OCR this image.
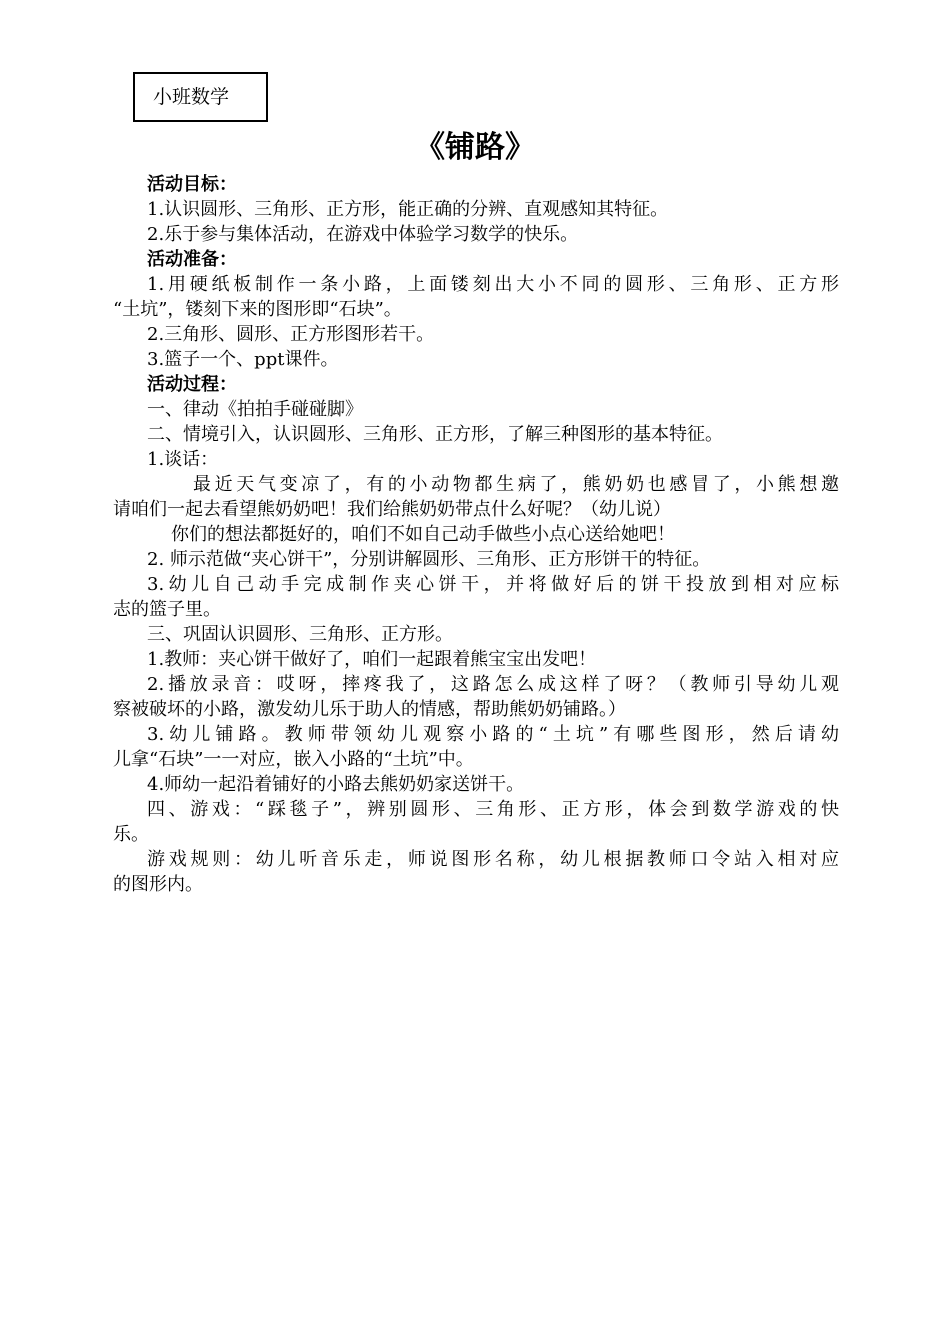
小班数学
《铺路》
活动目标：
1.认识圆形、三角形、正方形，能正确的分辨、直观感知其特征。
2.乐于参与集体活动，在游戏中体验学习数学的快乐。
活动准备：
1.用硬纸板制作一条小路，上面镂刻出大小不同的圆形、三角形、正方形
“土坑”，镂刻下来的图形即“石块”。
2.三角形、圆形、正方形图形若干。
3.篮子一个、ppt课件。
活动过程：
一、律动《拍拍手碰碰脚》
二、情境引入，认识圆形、三角形、正方形，了解三种图形的基本特征。
1.谈话：
最近天气变凉了，有的小动物都生病了，熊奶奶也感冒了，小熊想邀
请咱们一起去看望熊奶奶吧！我们给熊奶奶带点什么好呢？（幼儿说）
你们的想法都挺好的，咱们不如自己动手做些小点心送给她吧！
2. 师示范做“夹心饼干”，分别讲解圆形、三角形、正方形饼干的特征。
3.幼儿自己动手完成制作夹心饼干，并将做好后的饼干投放到相对应标
志的篮子里。
三、巩固认识圆形、三角形、正方形。
1.教师：夹心饼干做好了，咱们一起跟着熊宝宝出发吧！
2.播放录音：哎呀，摔疼我了，这路怎么成这样了呀？（教师引导幼儿观
察被破坏的小路，激发幼儿乐于助人的情感，帮助熊奶奶铺路。）
3.幼儿铺路。教师带领幼儿观察小路的“土坑”有哪些图形，然后请幼
儿拿“石块”一一对应，嵌入小路的“土坑”中。
4.师幼一起沿着铺好的小路去熊奶奶家送饼干。
四、游戏：“踩毯子”，辨别圆形、三角形、正方形，体会到数学游戏的快
乐。
游戏规则：幼儿听音乐走，师说图形名称，幼儿根据教师口令站入相对应
的图形内。
